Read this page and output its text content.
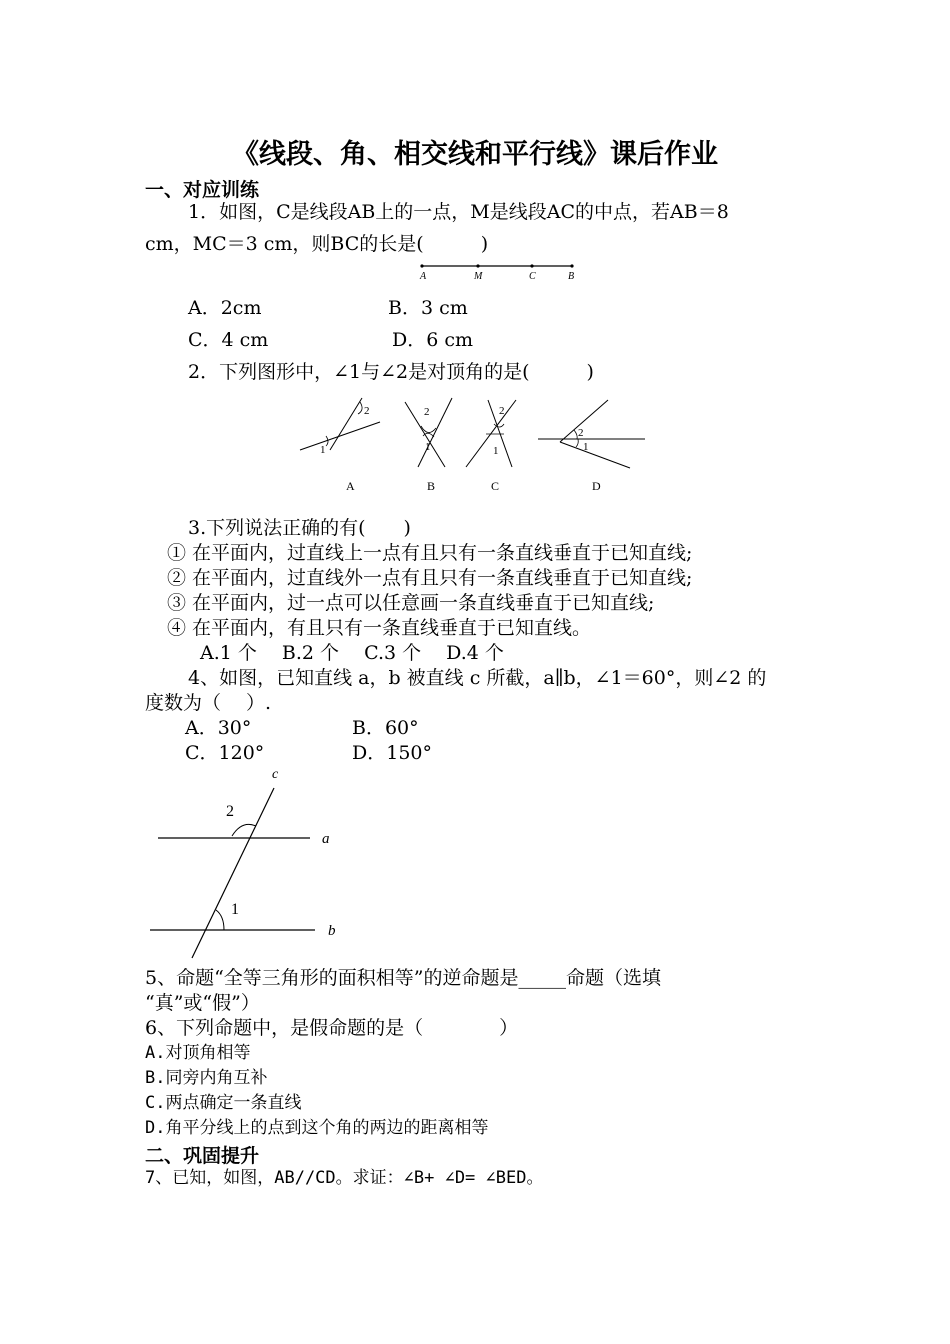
《线段、角、相交线和平行线》课后作业
一、对应训练
1．如图，C是线段AB上的一点，M是线段AC的中点，若AB＝8
cm，MC＝3 cm，则BC的长是(　　　)
A	M	C	B
A．2cm	B．3 cm
C．4 cm	D．6 cm
2．下列图形中，∠1与∠2是对顶角的是(　　　)
2
1
A
2
1
B
2
1
C
2
1
D
3.下列说法正确的有(　　)
① 在平面内，过直线上一点有且只有一条直线垂直于已知直线;
② 在平面内，过直线外一点有且只有一条直线垂直于已知直线;
③ 在平面内，过一点可以任意画一条直线垂直于已知直线;
④ 在平面内，有且只有一条直线垂直于已知直线。
A.1 个　 B.2 个　 C.3 个　 D.4 个
4、如图，已知直线 a，b 被直线 c 所截，a∥b，∠1＝60°，则∠2 的
度数为（　 ）.
A．30°	B．60°
C．120°	D．150°
c
a
b
2
1
5、命题“全等三角形的面积相等”的逆命题是_____命题（选填
“真”或“假”）
6、下列命题中，是假命题的是（　　　　）
A.对顶角相等
B.同旁内角互补
C.两点确定一条直线
D.角平分线上的点到这个角的两边的距离相等
二、巩固提升
7、已知，如图，AB//CD。求证：∠B+ ∠D= ∠BED。
